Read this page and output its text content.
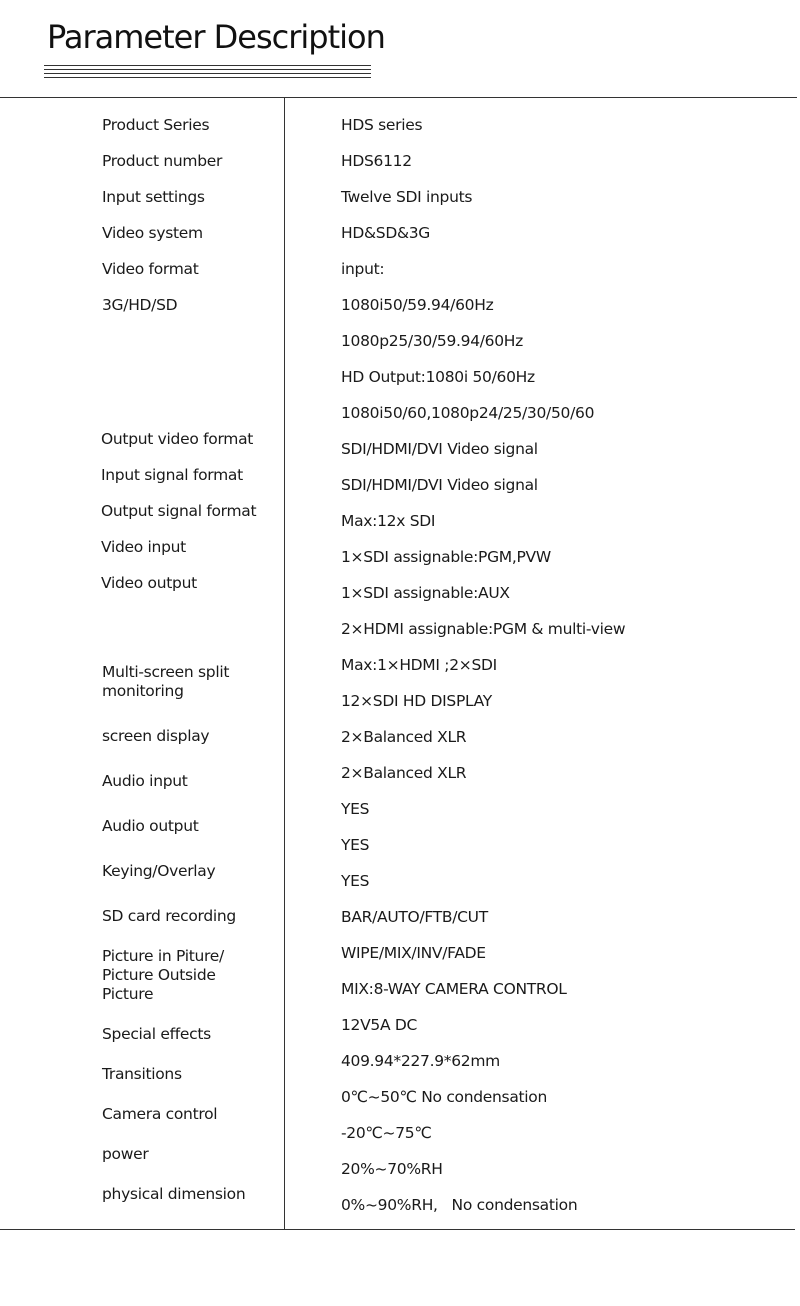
Parameter Description
Product Series
Product number
Input settings
Video system
Video format
3G/HD/SD
Output video format
Input signal format
Output signal format
Video input
Video output
Multi-screen split monitoring
screen display
Audio input
Audio output
Keying/Overlay
SD card recording
Picture in Piture/ Picture Outside Picture
Special effects
Transitions
Camera control
power
physical dimension
HDS series
HDS6112
Twelve SDI inputs
HD&SD&3G
input:
1080i50/59.94/60Hz
1080p25/30/59.94/60Hz
HD Output:1080i 50/60Hz
1080i50/60,1080p24/25/30/50/60
SDI/HDMI/DVI Video signal
SDI/HDMI/DVI Video signal
Max:12x SDI
1×SDI assignable:PGM,PVW
1×SDI assignable:AUX
2×HDMI assignable:PGM & multi-view
Max:1×HDMI ;2×SDI
12×SDI HD DISPLAY
2×Balanced XLR
2×Balanced XLR
YES
YES
YES
BAR/AUTO/FTB/CUT
WIPE/MIX/INV/FADE
MIX:8-WAY CAMERA CONTROL
12V5A DC
409.94*227.9*62mm
0℃~50℃ No condensation
-20℃~75℃
20%~70%RH
0%~90%RH,   No condensation
